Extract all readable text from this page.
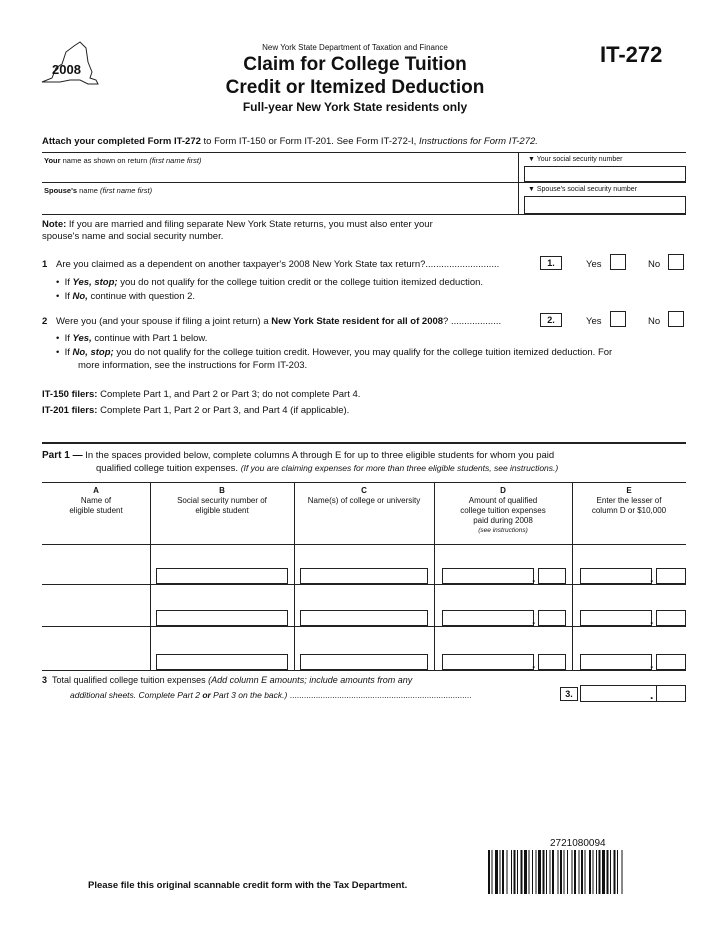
2008
New York State Department of Taxation and Finance
Claim for College Tuition
Credit or Itemized Deduction
Full-year New York State residents only
IT-272
Attach your completed Form IT-272 to Form IT-150 or Form IT-201. See Form IT-272-I, Instructions for Form IT-272.
Your name as shown on return (first name first)	▼ Your social security number
Spouse's name (first name first)	▼ Spouse's social security number
Note: If you are married and filing separate New York State returns, you must also enter your
spouse's name and social security number.
1 Are you claimed as a dependent on another taxpayer's 2008 New York State tax return?............................	1.	Yes	No
•  If Yes, stop; you do not qualify for the college tuition credit or the college tuition itemized deduction.
•  If No, continue with question 2.
2 Were you (and your spouse if filing a joint return) a New York State resident for all of 2008? ...................	2.	Yes	No
•  If Yes, continue with Part 1 below.
•  If No, stop; you do not qualify for the college tuition credit. However, you may qualify for the college tuition itemized deduction. For
more information, see the instructions for Form IT-203.
IT-150 filers: Complete Part 1, and Part 2 or Part 3; do not complete Part 4.
IT-201 filers: Complete Part 1, Part 2 or Part 3, and Part 4 (if applicable).
Part 1 — In the spaces provided below, complete columns A through E for up to three eligible students for whom you paid
qualified college tuition expenses. (If you are claiming expenses for more than three eligible students, see instructions.)
A
Name of
eligible student
B
Social security number of
eligible student
C
Name(s) of college or university
D
Amount of qualified
college tuition expenses
paid during 2008
(see instructions)
E
Enter the lesser of
column D or $10,000
.	.
.	.
.	.
3 Total qualified college tuition expenses (Add column E amounts; include amounts from any
additional sheets. Complete Part 2 or Part 3 on the back.) .............................................................................	3.	.
2721080094
Please file this original scannable credit form with the Tax Department.
